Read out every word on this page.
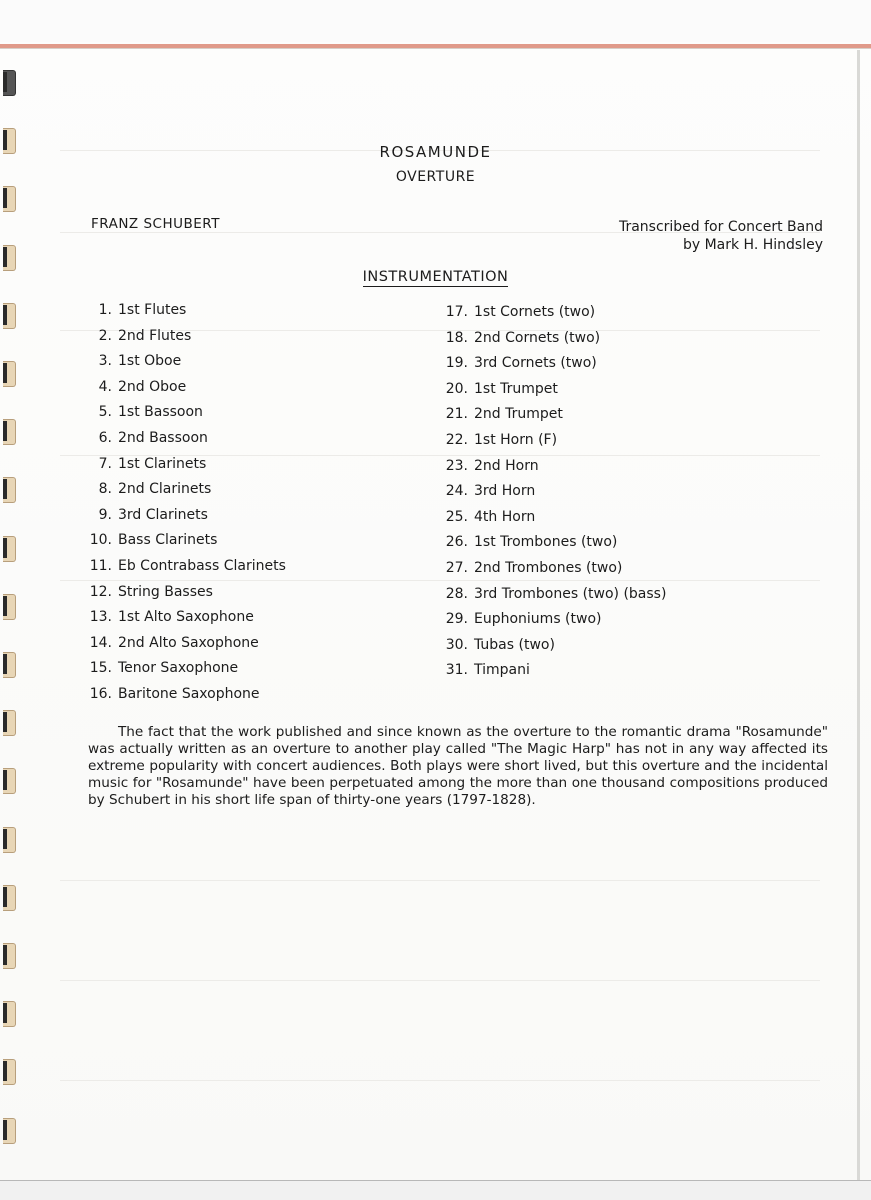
ROSAMUNDE
OVERTURE
FRANZ SCHUBERT	Transcribed for Concert Band
by Mark H. Hindsley
INSTRUMENTATION
1. 1st Flutes
2. 2nd Flutes
3. 1st Oboe
4. 2nd Oboe
5. 1st Bassoon
6. 2nd Bassoon
7. 1st Clarinets
8. 2nd Clarinets
9. 3rd Clarinets
10. Bass Clarinets
11. Eb Contrabass Clarinets
12. String Basses
13. 1st Alto Saxophone
14. 2nd Alto Saxophone
15. Tenor Saxophone
16. Baritone Saxophone
17. 1st Cornets (two)
18. 2nd Cornets (two)
19. 3rd Cornets (two)
20. 1st Trumpet
21. 2nd Trumpet
22. 1st Horn (F)
23. 2nd Horn
24. 3rd Horn
25. 4th Horn
26. 1st Trombones (two)
27. 2nd Trombones (two)
28. 3rd Trombones (two) (bass)
29. Euphoniums (two)
30. Tubas (two)
31. Timpani

The fact that the work published and since known as the overture to the romantic drama "Rosamunde" was actually written as an overture to another play called "The Magic Harp" has not in any way affected its extreme popularity with concert audiences. Both plays were short lived, but this overture and the incidental music for "Rosamunde" have been perpetuated among the more than one thousand compositions produced by Schubert in his short life span of thirty-one years (1797-1828).
